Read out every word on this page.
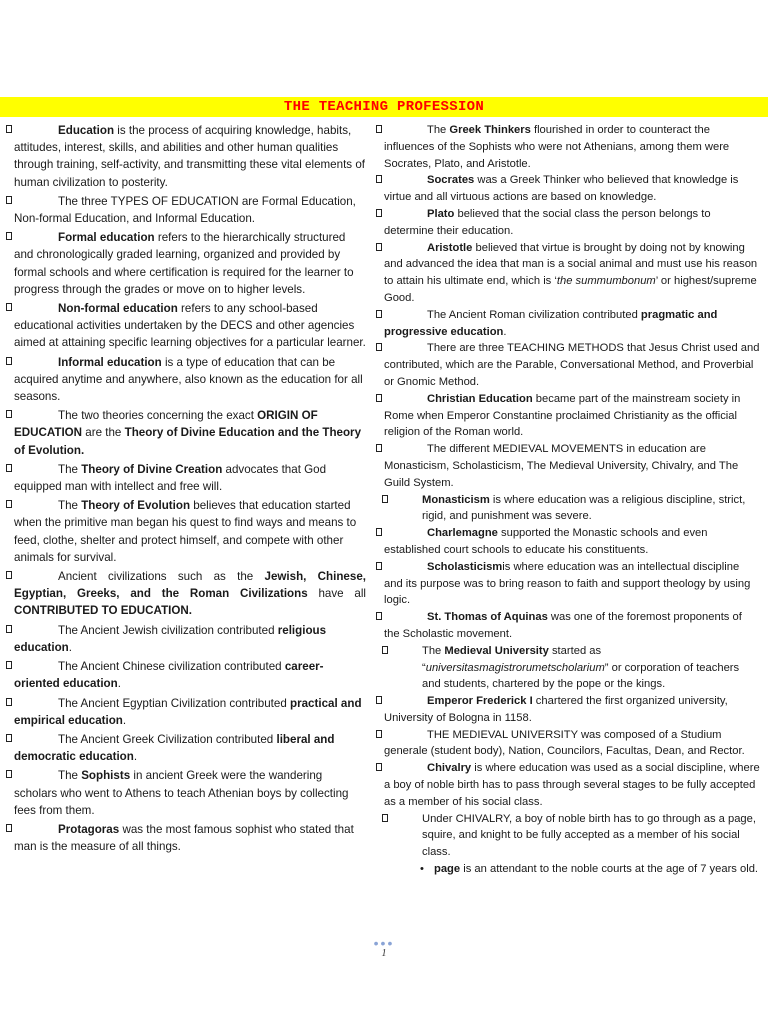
THE TEACHING PROFESSION
Education is the process of acquiring knowledge, habits, attitudes, interest, skills, and abilities and other human qualities through training, self-activity, and transmitting these vital elements of human civilization to posterity.
The three TYPES OF EDUCATION are Formal Education, Non-formal Education, and Informal Education.
Formal education refers to the hierarchically structured and chronologically graded learning, organized and provided by formal schools and where certification is required for the learner to progress through the grades or move on to higher levels.
Non-formal education refers to any school-based educational activities undertaken by the DECS and other agencies aimed at attaining specific learning objectives for a particular learner.
Informal education is a type of education that can be acquired anytime and anywhere, also known as the education for all seasons.
The two theories concerning the exact ORIGIN OF EDUCATION are the Theory of Divine Education and the Theory of Evolution.
The Theory of Divine Creation advocates that God equipped man with intellect and free will.
The Theory of Evolution believes that education started when the primitive man began his quest to find ways and means to feed, clothe, shelter and protect himself, and compete with other animals for survival.
Ancient civilizations such as the Jewish, Chinese, Egyptian, Greeks, and the Roman Civilizations have all CONTRIBUTED TO EDUCATION.
The Ancient Jewish civilization contributed religious education.
The Ancient Chinese civilization contributed career-oriented education.
The Ancient Egyptian Civilization contributed practical and empirical education.
The Ancient Greek Civilization contributed liberal and democratic education.
The Sophists in ancient Greek were the wandering scholars who went to Athens to teach Athenian boys by collecting fees from them.
Protagoras was the most famous sophist who stated that man is the measure of all things.
The Greek Thinkers flourished in order to counteract the influences of the Sophists who were not Athenians, among them were Socrates, Plato, and Aristotle.
Socrates was a Greek Thinker who believed that knowledge is virtue and all virtuous actions are based on knowledge.
Plato believed that the social class the person belongs to determine their education.
Aristotle believed that virtue is brought by doing not by knowing and advanced the idea that man is a social animal and must use his reason to attain his ultimate end, which is ‘the summumbonum’ or highest/supreme Good.
The Ancient Roman civilization contributed pragmatic and progressive education.
There are three TEACHING METHODS that Jesus Christ used and contributed, which are the Parable, Conversational Method, and Proverbial or Gnomic Method.
Christian Education became part of the mainstream society in Rome when Emperor Constantine proclaimed Christianity as the official religion of the Roman world.
The different MEDIEVAL MOVEMENTS in education are Monasticism, Scholasticism, The Medieval University, Chivalry, and The Guild System.
Monasticism is where education was a religious discipline, strict, rigid, and punishment was severe.
Charlemagne supported the Monastic schools and even established court schools to educate his constituents.
Scholasticismis where education was an intellectual discipline and its purpose was to bring reason to faith and support theology by using logic.
St. Thomas of Aquinas was one of the foremost proponents of the Scholastic movement.
The Medieval University started as “universitasmagistrorumetscholarium” or corporation of teachers and students, chartered by the pope or the kings.
Emperor Frederick I chartered the first organized university, University of Bologna in 1158.
THE MEDIEVAL UNIVERSITY was composed of a Studium generale (student body), Nation, Councilors, Facultas, Dean, and Rector.
Chivalry is where education was used as a social discipline, where a boy of noble birth has to pass through several stages to be fully accepted as a member of his social class.
Under CHIVALRY, a boy of noble birth has to go through as a page, squire, and knight to be fully accepted as a member of his social class.
• page is an attendant to the noble courts at the age of 7 years old.
•••
1
